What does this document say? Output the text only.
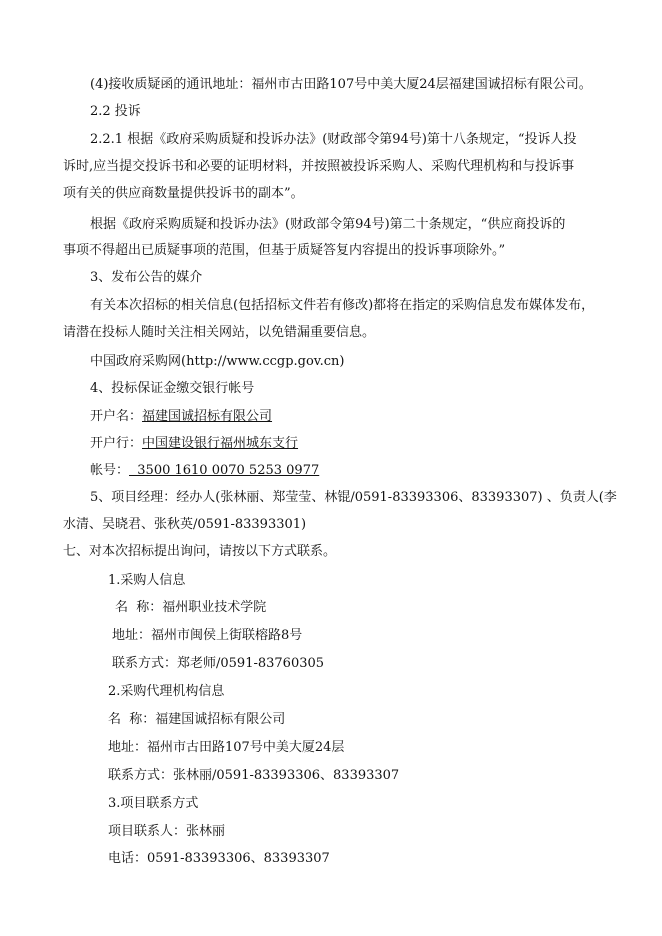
(4)接收质疑函的通讯地址：福州市古田路107号中美大厦24层福建国诚招标有限公司。
2.2 投诉
2.2.1 根据《政府采购质疑和投诉办法》(财政部令第94号)第十八条规定，“投诉人投
诉时,应当提交投诉书和必要的证明材料，并按照被投诉采购人、采购代理机构和与投诉事
项有关的供应商数量提供投诉书的副本”。
根据《政府采购质疑和投诉办法》(财政部令第94号)第二十条规定，“供应商投诉的
事项不得超出已质疑事项的范围，但基于质疑答复内容提出的投诉事项除外。”
3、发布公告的媒介
有关本次招标的相关信息(包括招标文件若有修改)都将在指定的采购信息发布媒体发布，
请潜在投标人随时关注相关网站，以免错漏重要信息。
中国政府采购网(http://www.ccgp.gov.cn)
4、投标保证金缴交银行帐号
开户名：福建国诚招标有限公司
开户行：中国建设银行福州城东支行
帐号：  3500 1610 0070 5253 0977
5、项目经理：经办人(张林丽、郑莹莹、林锟/0591-83393306、83393307) 、负责人(李
水清、吴晓君、张秋英/0591-83393301)
七、对本次招标提出询问，请按以下方式联系。
1.采购人信息
名  称：福州职业技术学院
地址：福州市闽侯上街联榕路8号
联系方式：郑老师/0591-83760305
2.采购代理机构信息
名  称：福建国诚招标有限公司
地址：福州市古田路107号中美大厦24层
联系方式：张林丽/0591-83393306、83393307
3.项目联系方式
项目联系人：张林丽
电话：0591-83393306、83393307
